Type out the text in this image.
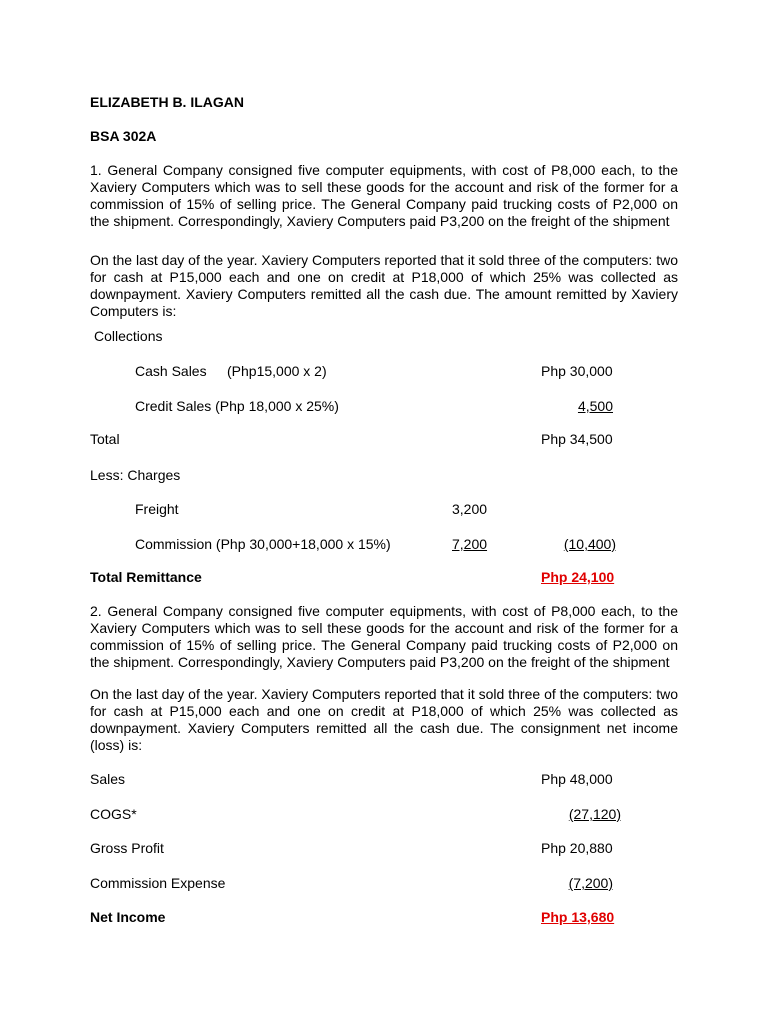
ELIZABETH B. ILAGAN
BSA 302A
1. General Company consigned five computer equipments, with cost of P8,000 each, to the Xaviery Computers which was to sell these goods for the account and risk of the former for a commission of 15% of selling price. The General Company paid trucking costs of P2,000 on the shipment. Correspondingly, Xaviery Computers paid P3,200 on the freight of the shipment
On the last day of the year. Xaviery Computers reported that it sold three of the computers: two for cash at P15,000 each and one on credit at P18,000 of which 25% was collected as downpayment. Xaviery Computers remitted all the cash due. The amount remitted by Xaviery Computers is:
Collections
Cash Sales (Php15,000 x 2)	Php 30,000
Credit Sales (Php 18,000 x 25%)	4,500
Total	Php 34,500
Less: Charges
Freight	3,200
Commission (Php 30,000+18,000 x 15%)	7,200	(10,400)
Total Remittance	Php 24,100
2. General Company consigned five computer equipments, with cost of P8,000 each, to the Xaviery Computers which was to sell these goods for the account and risk of the former for a commission of 15% of selling price. The General Company paid trucking costs of P2,000 on the shipment. Correspondingly, Xaviery Computers paid P3,200 on the freight of the shipment
On the last day of the year. Xaviery Computers reported that it sold three of the computers: two for cash at P15,000 each and one on credit at P18,000 of which 25% was collected as downpayment. Xaviery Computers remitted all the cash due. The consignment net income (loss) is:
Sales	Php 48,000
COGS*	(27,120)
Gross Profit	Php 20,880
Commission Expense	(7,200)
Net Income	Php 13,680
